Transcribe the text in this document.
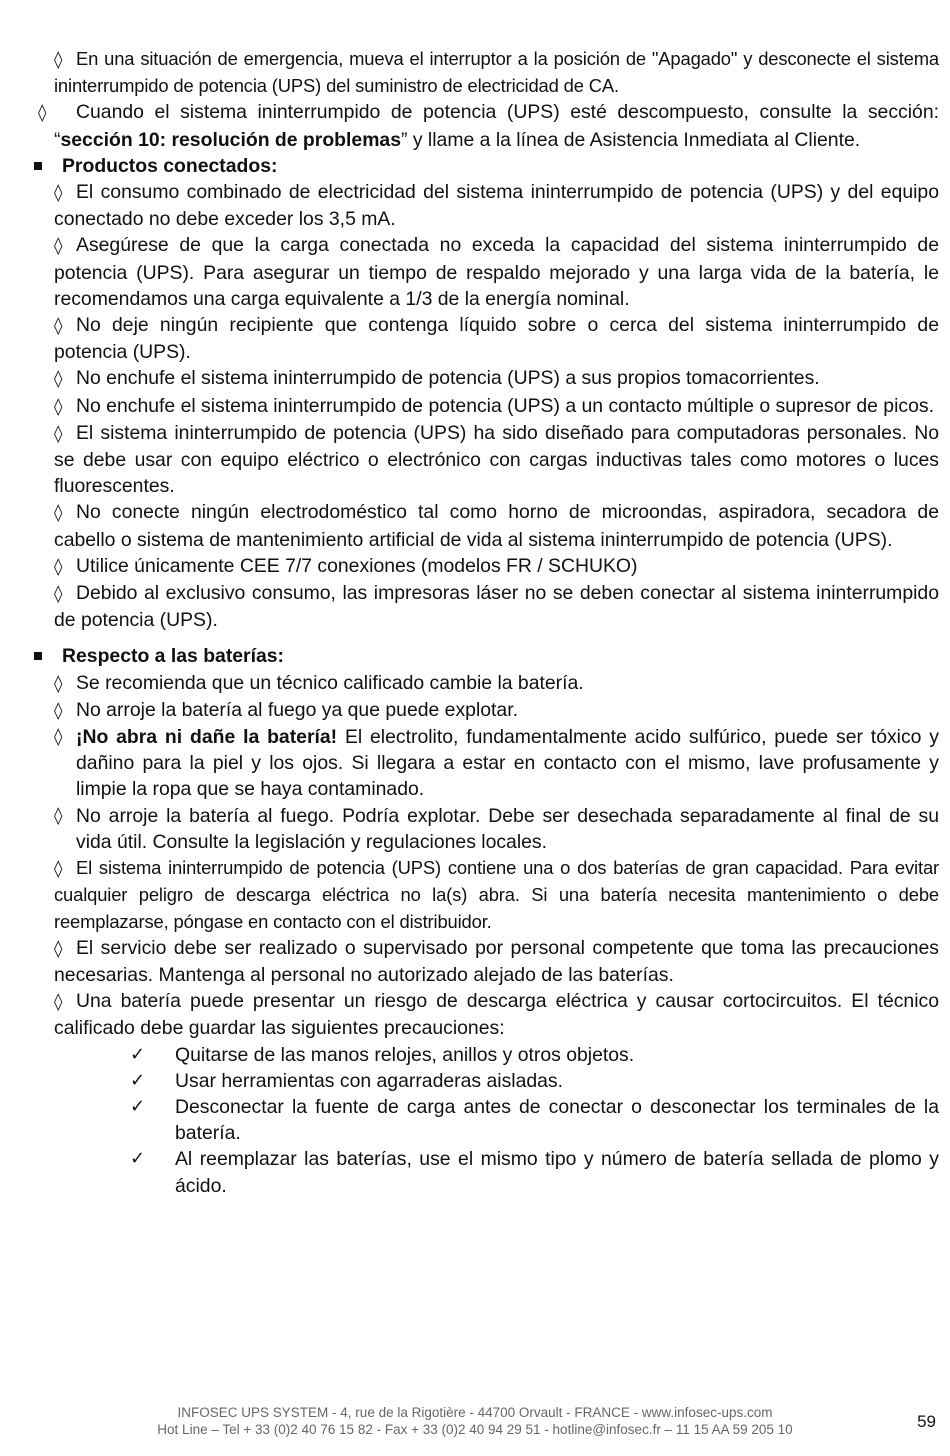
◊ En una situación de emergencia, mueva el interruptor a la posición de "Apagado" y desconecte el sistema ininterrumpido de potencia (UPS) del suministro de electricidad de CA.

◊ Cuando el sistema ininterrumpido de potencia (UPS) esté descompuesto, consulte la sección: “sección 10: resolución de problemas” y llame a la línea de Asistencia Inmediata al Cliente.

Productos conectados:

◊ El consumo combinado de electricidad del sistema ininterrumpido de potencia (UPS) y del equipo conectado no debe exceder los 3,5 mA.

◊ Asegúrese de que la carga conectada no exceda la capacidad del sistema ininterrumpido de potencia (UPS). Para asegurar un tiempo de respaldo mejorado y una larga vida de la batería, le recomendamos una carga equivalente a 1/3 de la energía nominal.

◊ No deje ningún recipiente que contenga líquido sobre o cerca del sistema ininterrumpido de potencia (UPS).

◊ No enchufe el sistema ininterrumpido de potencia (UPS) a sus propios tomacorrientes.

◊ No enchufe el sistema ininterrumpido de potencia (UPS) a un contacto múltiple o supresor de picos.

◊ El sistema ininterrumpido de potencia (UPS) ha sido diseñado para computadoras personales. No se debe usar con equipo eléctrico o electrónico con cargas inductivas tales como motores o luces fluorescentes.

◊ No conecte ningún electrodoméstico tal como horno de microondas, aspiradora, secadora de cabello o sistema de mantenimiento artificial de vida al sistema ininterrumpido de potencia (UPS).

◊ Utilice únicamente CEE 7/7 conexiones (modelos FR / SCHUKO)

◊ Debido al exclusivo consumo, las impresoras láser no se deben conectar al sistema ininterrumpido de potencia (UPS).

Respecto a las baterías:

◊ Se recomienda que un técnico calificado cambie la batería.

◊ No arroje la batería al fuego ya que puede explotar.

◊ ¡No abra ni dañe la batería! El electrolito, fundamentalmente acido sulfúrico, puede ser tóxico y dañino para la piel y los ojos. Si llegara a estar en contacto con el mismo, lave profusamente y limpie la ropa que se haya contaminado.
◊ No arroje la batería al fuego. Podría explotar. Debe ser desechada separadamente al final de su vida útil. Consulte la legislación y regulaciones locales.

◊ El sistema ininterrumpido de potencia (UPS) contiene una o dos baterías de gran capacidad. Para evitar cualquier peligro de descarga eléctrica no la(s) abra. Si una batería necesita mantenimiento o debe reemplazarse, póngase en contacto con el distribuidor.

◊ El servicio debe ser realizado o supervisado por personal competente que toma las precauciones necesarias. Mantenga al personal no autorizado alejado de las baterías.

◊ Una batería puede presentar un riesgo de descarga eléctrica y causar cortocircuitos. El técnico calificado debe guardar las siguientes precauciones:

✓	Quitarse de las manos relojes, anillos y otros objetos.
✓	Usar herramientas con agarraderas aisladas.
✓	Desconectar la fuente de carga antes de conectar o desconectar los terminales de la batería.
✓	Al reemplazar las baterías, use el mismo tipo y número de batería sellada de plomo y ácido.
INFOSEC UPS SYSTEM - 4, rue de la Rigotière - 44700 Orvault - FRANCE - www.infosec-ups.com
Hot Line – Tel + 33 (0)2 40 76 15 82 - Fax + 33 (0)2 40 94 29 51 - hotline@infosec.fr – 11 15 AA 59 205 10	59
